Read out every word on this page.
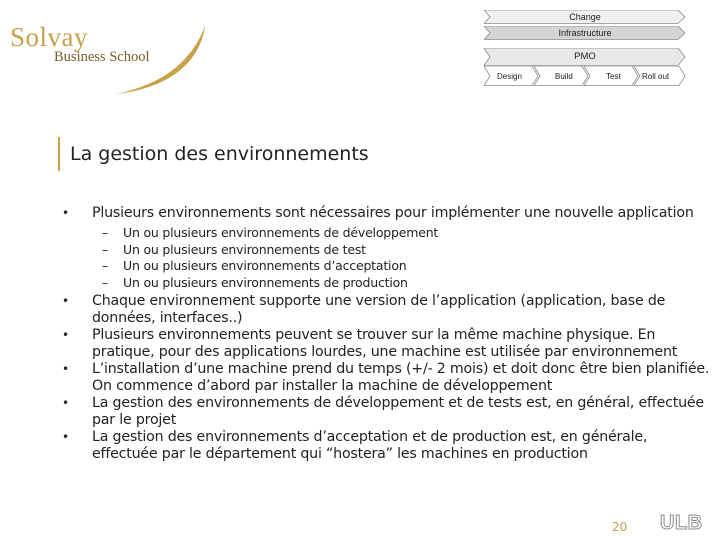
Solvay
Business School
Change
Infrastructure
PMO
Design	Build	Test	Roll out
La gestion des environnements
•	Plusieurs environnements sont nécessaires pour implémenter une nouvelle application
– Un ou plusieurs environnements de développement
– Un ou plusieurs environnements de test
– Un ou plusieurs environnements d’acceptation
– Un ou plusieurs environnements de production
•	Chaque environnement supporte une version de l’application (application, base de données, interfaces..)
•	Plusieurs environnements peuvent se trouver sur la même machine physique. En pratique, pour des applications lourdes, une machine est utilisée par environnement
•	L’installation d’une machine prend du temps (+/- 2 mois) et doit donc être bien planifiée. On commence d’abord par installer la machine de développement
•	La gestion des environnements de développement et de tests est, en général, effectuée par le projet
•	La gestion des environnements d’acceptation et de production est, en générale, effectuée par le département qui “hostera” les machines en production
20 ULB
